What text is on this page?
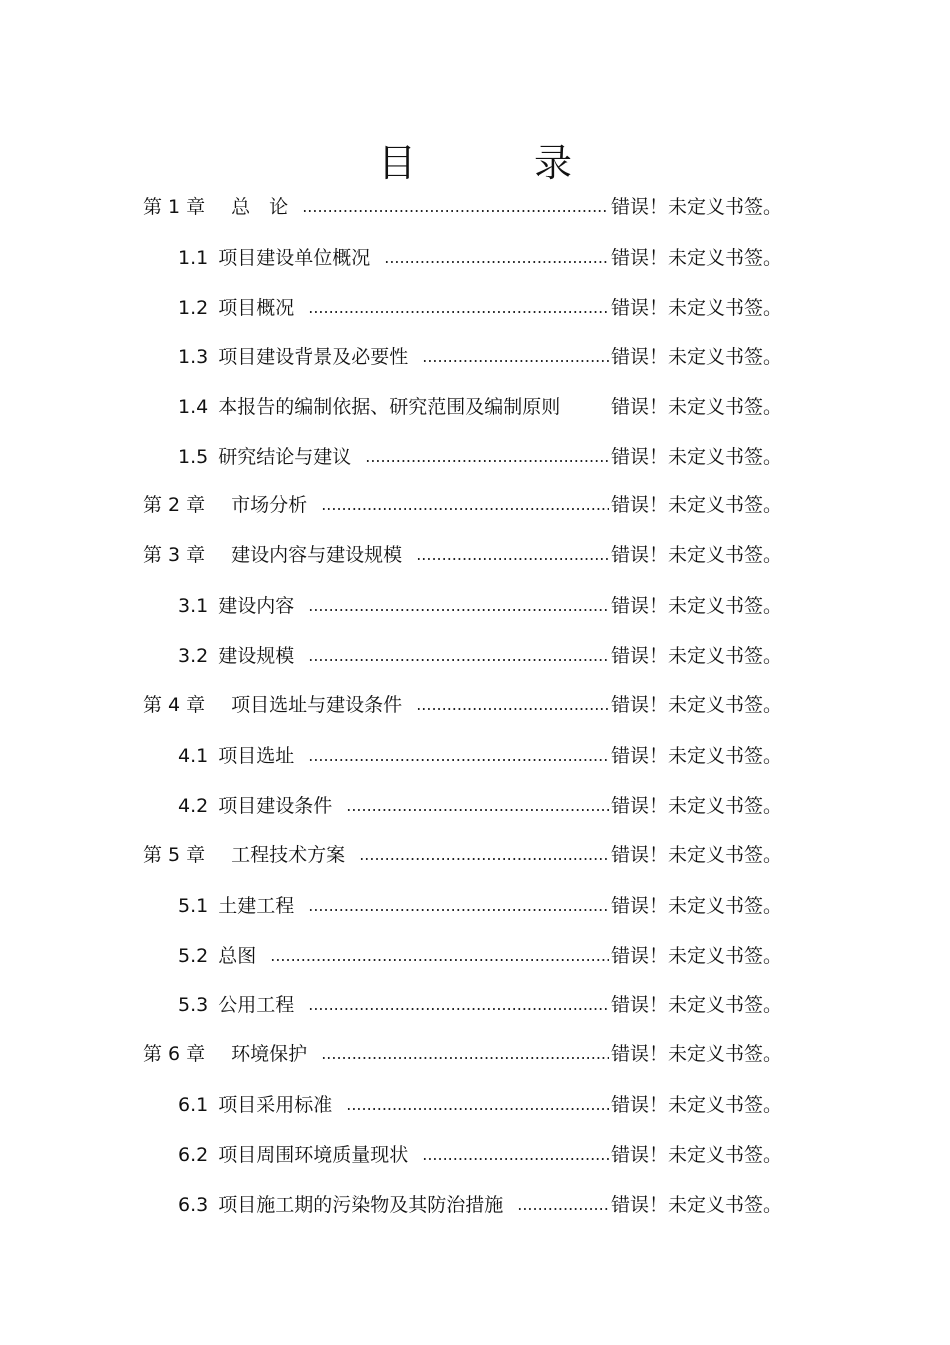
目　录
第 1 章 总　论 .....	错误！未定义书签。
1.1 项目建设单位概况 .....	错误！未定义书签。
1.2 项目概况 .....	错误！未定义书签。
1.3 项目建设背景及必要性 .....	错误！未定义书签。
1.4 本报告的编制依据、研究范围及编制原则	错误！未定义书签。
1.5 研究结论与建议 .....	错误！未定义书签。
第 2 章 市场分析 .....	错误！未定义书签。
第 3 章 建设内容与建设规模 .....	错误！未定义书签。
3.1 建设内容 .....	错误！未定义书签。
3.2 建设规模 .....	错误！未定义书签。
第 4 章 项目选址与建设条件 .....	错误！未定义书签。
4.1 项目选址 .....	错误！未定义书签。
4.2 项目建设条件 .....	错误！未定义书签。
第 5 章 工程技术方案 .....	错误！未定义书签。
5.1 土建工程 .....	错误！未定义书签。
5.2 总图 .....	错误！未定义书签。
5.3 公用工程 .....	错误！未定义书签。
第 6 章 环境保护 .....	错误！未定义书签。
6.1 项目采用标准 .....	错误！未定义书签。
6.2 项目周围环境质量现状 .....	错误！未定义书签。
6.3 项目施工期的污染物及其防治措施 .....	错误！未定义书签。
